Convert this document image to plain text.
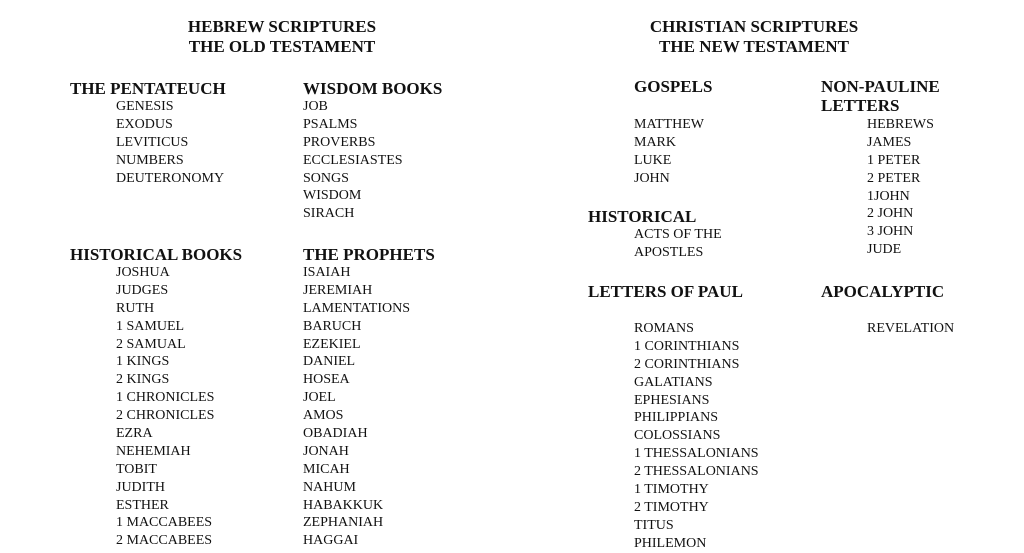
HEBREW SCRIPTURES
THE OLD TESTAMENT
CHRISTIAN SCRIPTURES
THE NEW TESTAMENT
THE PENTATEUCH
GENESIS
EXODUS
LEVITICUS
NUMBERS
DEUTERONOMY
WISDOM BOOKS
JOB
PSALMS
PROVERBS
ECCLESIASTES
SONGS
WISDOM
SIRACH
HISTORICAL BOOKS
JOSHUA
JUDGES
RUTH
1 SAMUEL
2 SAMUAL
1 KINGS
2 KINGS
1 CHRONICLES
2 CHRONICLES
EZRA
NEHEMIAH
TOBIT
JUDITH
ESTHER
1 MACCABEES
2 MACCABEES
THE PROPHETS
ISAIAH
JEREMIAH
LAMENTATIONS
BARUCH
EZEKIEL
DANIEL
HOSEA
JOEL
AMOS
OBADIAH
JONAH
MICAH
NAHUM
HABAKKUK
ZEPHANIAH
HAGGAI
GOSPELS
MATTHEW
MARK
LUKE
JOHN
NON-PAULINE
LETTERS
HEBREWS
JAMES
1 PETER
2 PETER
1JOHN
2 JOHN
3 JOHN
JUDE
HISTORICAL
ACTS OF THE
APOSTLES
LETTERS OF PAUL
ROMANS
1 CORINTHIANS
2 CORINTHIANS
GALATIANS
EPHESIANS
PHILIPPIANS
COLOSSIANS
1 THESSALONIANS
2 THESSALONIANS
1 TIMOTHY
2 TIMOTHY
TITUS
PHILEMON
APOCALYPTIC
REVELATION
